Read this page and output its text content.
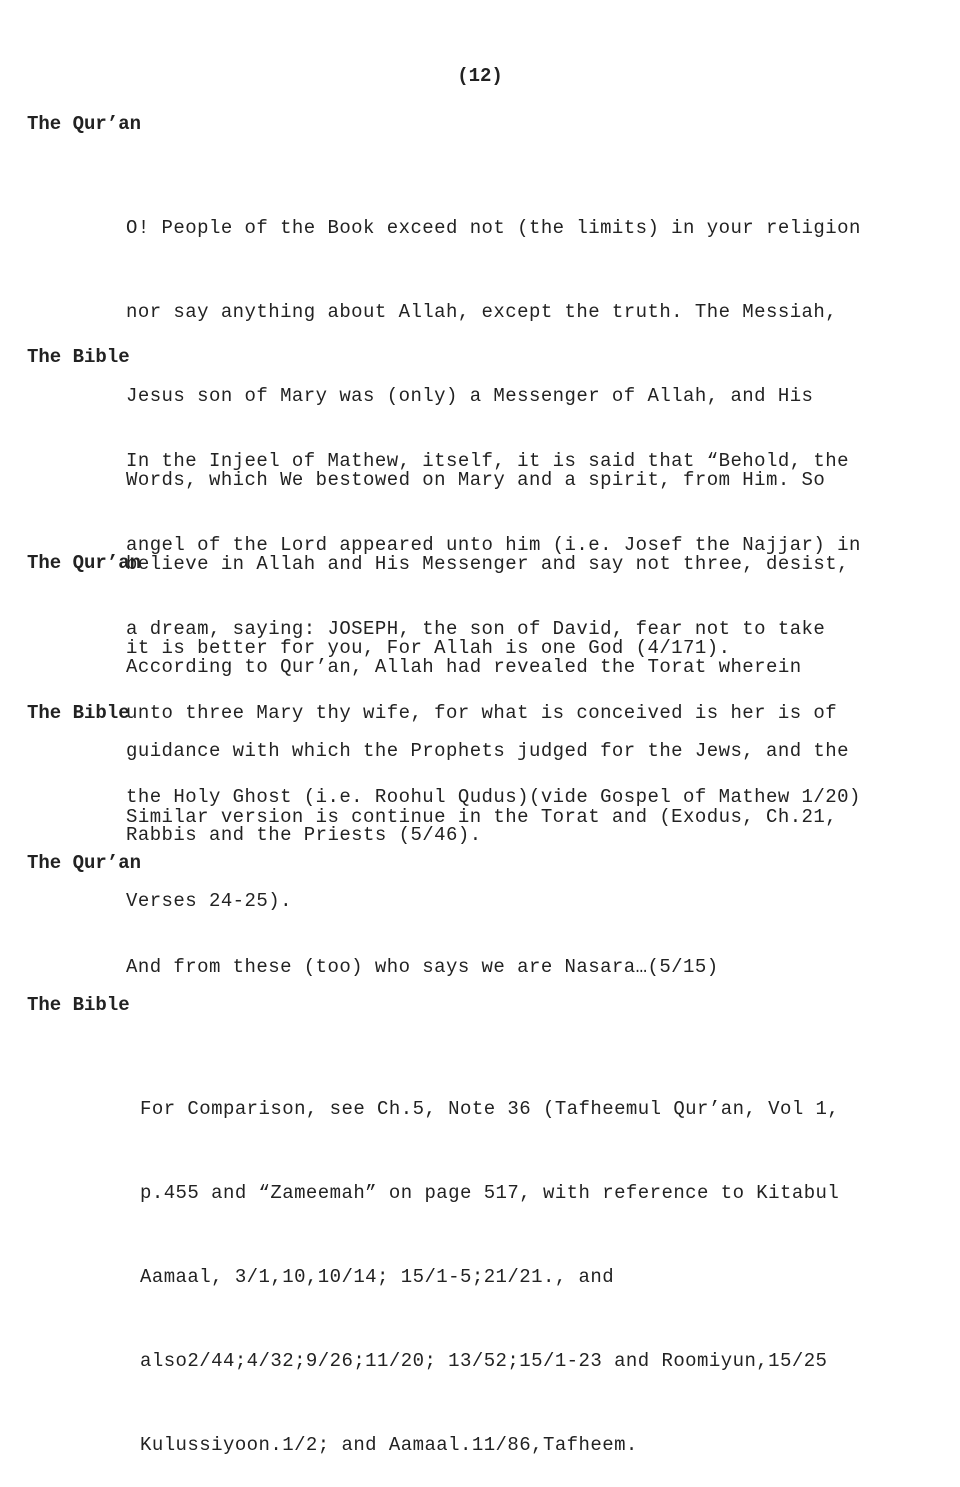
(12)
The Qur’an

O! People of the Book exceed not (the limits) in your religion

nor say anything about Allah, except the truth. The Messiah,

Jesus son of Mary was (only) a Messenger of Allah, and His

Words, which We bestowed on Mary and a spirit, from Him. So

believe in Allah and His Messenger and say not three, desist,

it is better for you, For Allah is one God (4/171).

The Bible

In the Injeel of Mathew, itself, it is said that “Behold, the

angel of the Lord appeared unto him (i.e. Josef the Najjar) in

a dream, saying: JOSEPH, the son of David, fear not to take

unto three Mary thy wife, for what is conceived is her is of

the Holy Ghost (i.e. Roohul Qudus)(vide Gospel of Mathew 1/20)

The Qur’an

According to Qur’an, Allah had revealed the Torat wherein

guidance with which the Prophets judged for the Jews, and the

Rabbis and the Priests (5/46).

The Bible

Similar version is continue in the Torat and (Exodus, Ch.21,

Verses 24-25).

The Qur’an

And from these (too) who says we are Nasara…(5/15)

The Bible

For Comparison, see Ch.5, Note 36 (Tafheemul Qur’an, Vol 1,

p.455 and “Zameemah” on page 517, with reference to Kitabul

Aamaal, 3/1,10,10/14; 15/1-5;21/21., and

also2/44;4/32;9/26;11/20; 13/52;15/1-23 and Roomiyun,15/25

Kulussiyoon.1/2; and Aamaal.11/86,Tafheem.
